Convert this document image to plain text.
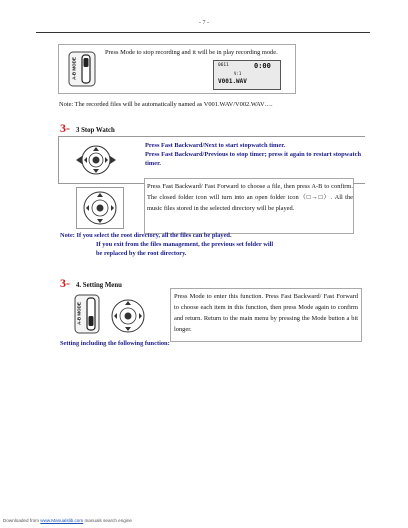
- 7 -
Press Mode to stop recording and it will be in play recording mode.
A-B MODE	0611	0:00
V:1
V001.WAV
Note: The recorded files will be automatically named as V001.WAV/V002.WAV….
3- 3 Stop Watch
Press Fast Backward/Next to start stopwatch timer.
Press Fast Backward/Previous to stop timer; press it again to restart stopwatch timer.
Press Fast Backward/ Fast Forward to choose a file, then press A-B to confirm. The closed folder icon will turn into an open folder icon（□→□）. All the music files stored in the selected directory will be played.
Note: If you select the root directory, all the files can be played.
If you exit from the files management, the previous set folder will
be replaced by the root directory.
3- 4. Setting Menu
A-B MODE
Press Mode to enter this function. Press Fast Backward/ Fast Forward to choose each item in this function, then press Mode again to confirm and return. Return to the main menu by pressing the Mode button a bit longer.
Setting including the following function:
Downloaded from www.Manualslib.com manuals search engine
